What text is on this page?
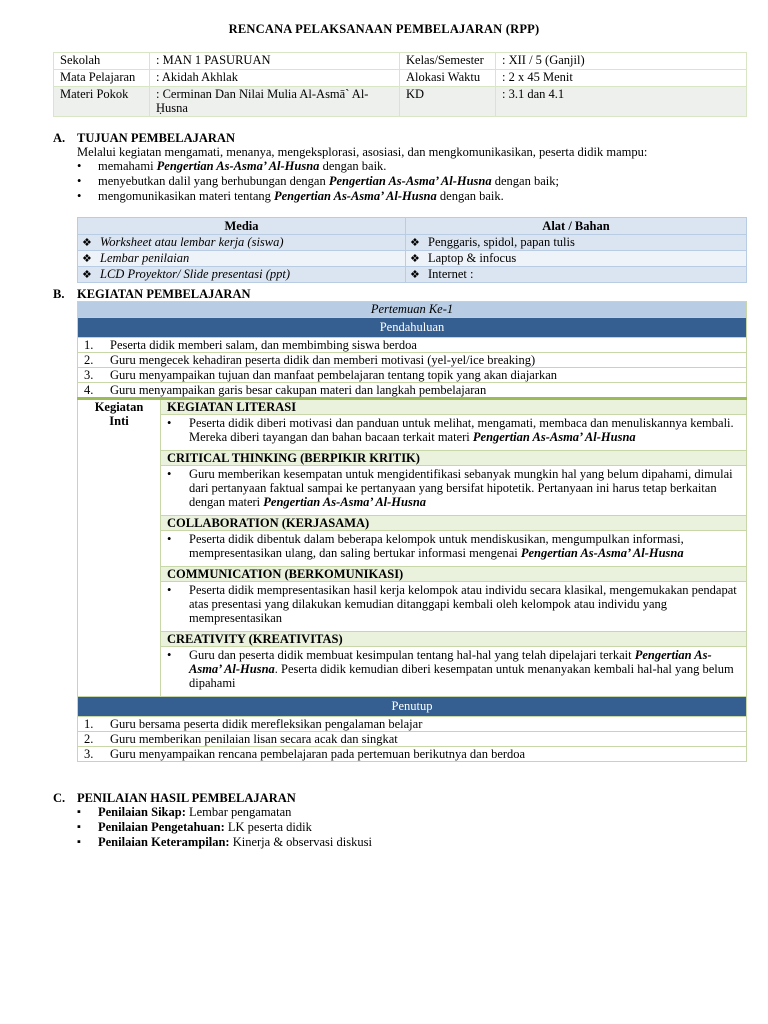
RENCANA PELAKSANAAN PEMBELAJARAN (RPP)
Sekolah	: MAN 1 PASURUAN	Kelas/Semester	: XII / 5 (Ganjil)
Mata Pelajaran	: Akidah Akhlak	Alokasi Waktu	: 2 x 45 Menit
Materi Pokok	: Cerminan Dan Nilai Mulia Al-Asmā` Al-Ḥusna	KD	: 3.1 dan 4.1
A. TUJUAN PEMBELAJARAN
Melalui kegiatan mengamati, menanya, mengeksplorasi, asosiasi, dan mengkomunikasikan, peserta didik mampu:
• memahami Pengertian As-Asma’ Al-Husna dengan baik.
• menyebutkan dalil yang berhubungan dengan Pengertian As-Asma’ Al-Husna dengan baik;
• mengomunikasikan materi tentang Pengertian As-Asma’ Al-Husna dengan baik.
Media	Alat / Bahan
❖ Worksheet atau lembar kerja (siswa)	❖ Penggaris, spidol, papan tulis
❖ Lembar penilaian	❖ Laptop & infocus
❖ LCD Proyektor/ Slide presentasi (ppt)	❖ Internet :
B. KEGIATAN PEMBELAJARAN
Pertemuan Ke-1
Pendahuluan
1. Peserta didik memberi salam, dan membimbing siswa berdoa
2. Guru mengecek kehadiran peserta didik dan memberi motivasi (yel-yel/ice breaking)
3. Guru menyampaikan tujuan dan manfaat pembelajaran tentang topik yang akan diajarkan
4. Guru menyampaikan garis besar cakupan materi dan langkah pembelajaran

Kegiatan
Inti
	KEGIATAN LITERASI

•	Peserta didik diberi motivasi dan panduan untuk melihat, mengamati, membaca dan menuliskannya kembali. Mereka diberi tayangan dan bahan bacaan terkait materi Pengertian As-Asma’ Al-Husna

CRITICAL THINKING (BERPIKIR KRITIK)

•	Guru memberikan kesempatan untuk mengidentifikasi sebanyak mungkin hal yang belum dipahami, dimulai dari pertanyaan faktual sampai ke pertanyaan yang bersifat hipotetik. Pertanyaan ini harus tetap berkaitan dengan materi Pengertian As-Asma’ Al-Husna

COLLABORATION (KERJASAMA)

•	Peserta didik dibentuk dalam beberapa kelompok untuk mendiskusikan, mengumpulkan informasi, mempresentasikan ulang, dan saling bertukar informasi mengenai Pengertian As-Asma’ Al-Husna

COMMUNICATION (BERKOMUNIKASI)

•	Peserta didik mempresentasikan hasil kerja kelompok atau individu secara klasikal, mengemukakan pendapat atas presentasi yang dilakukan kemudian ditanggapi kembali oleh kelompok atau individu yang mempresentasikan

CREATIVITY (KREATIVITAS)

•	Guru dan peserta didik membuat kesimpulan tentang hal-hal yang telah dipelajari terkait Pengertian As-Asma’ Al-Husna. Peserta didik kemudian diberi kesempatan untuk menanyakan kembali hal-hal yang belum dipahami

Penutup
1. Guru bersama peserta didik merefleksikan pengalaman belajar
2. Guru memberikan penilaian lisan secara acak dan singkat
3. Guru menyampaikan rencana pembelajaran pada pertemuan berikutnya dan berdoa
C. PENILAIAN HASIL PEMBELAJARAN
▪ Penilaian Sikap: Lembar pengamatan
▪ Penilaian Pengetahuan: LK peserta didik
▪ Penilaian Keterampilan: Kinerja & observasi diskusi
